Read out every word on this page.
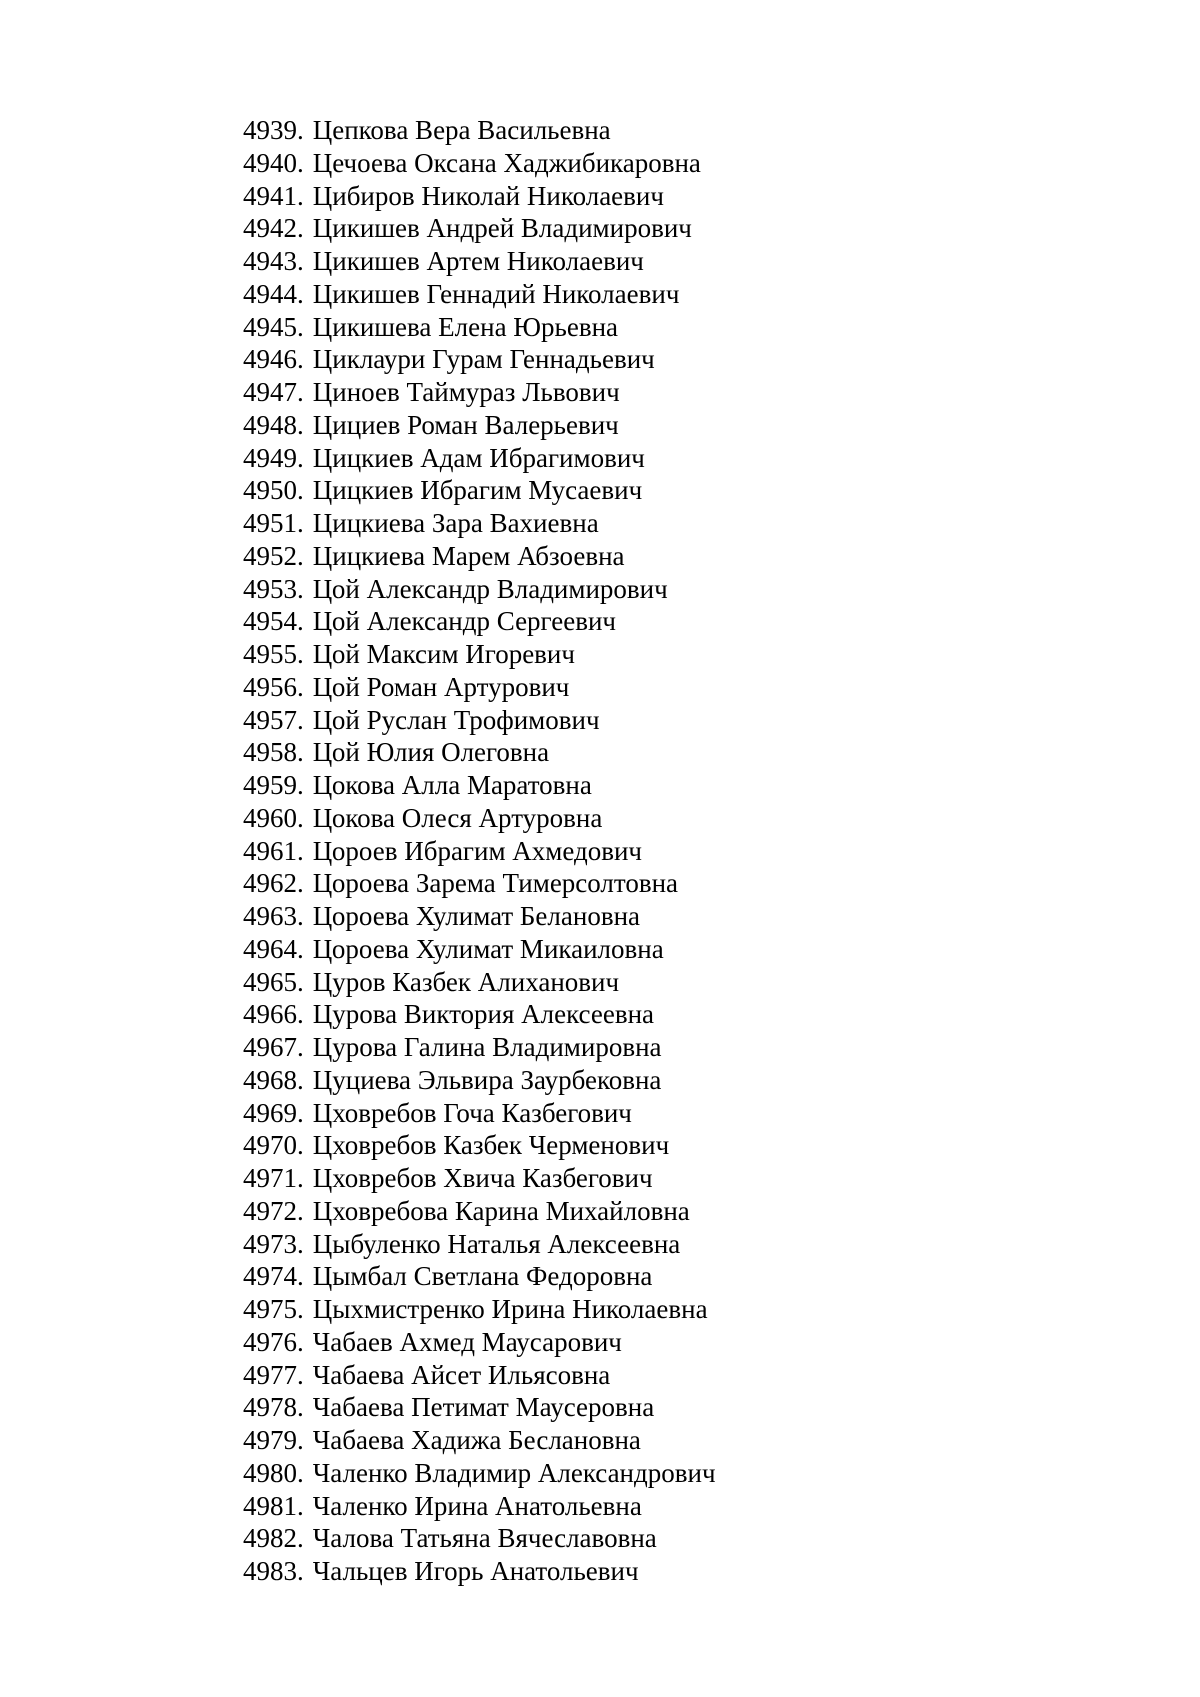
4939. Цепкова Вера Васильевна
4940. Цечоева Оксана Хаджибикаровна
4941. Цибиров Николай Николаевич
4942. Цикишев Андрей Владимирович
4943. Цикишев Артем Николаевич
4944. Цикишев Геннадий Николаевич
4945. Цикишева Елена Юрьевна
4946. Циклаури Гурам Геннадьевич
4947. Циноев Таймураз Львович
4948. Цициев Роман Валерьевич
4949. Цицкиев Адам Ибрагимович
4950. Цицкиев Ибрагим Мусаевич
4951. Цицкиева Зара Вахиевна
4952. Цицкиева Марем Абзоевна
4953. Цой Александр Владимирович
4954. Цой Александр Сергеевич
4955. Цой Максим Игоревич
4956. Цой Роман Артурович
4957. Цой Руслан Трофимович
4958. Цой Юлия Олеговна
4959. Цокова Алла Маратовна
4960. Цокова Олеся Артуровна
4961. Цороев Ибрагим Ахмедович
4962. Цороева Зарема Тимерсолтовна
4963. Цороева Хулимат Белановна
4964. Цороева Хулимат Микаиловна
4965. Цуров Казбек Алиханович
4966. Цурова Виктория Алексеевна
4967. Цурова Галина Владимировна
4968. Цуциева Эльвира Заурбековна
4969. Цховребов Гоча Казбегович
4970. Цховребов Казбек Черменович
4971. Цховребов Хвича Казбегович
4972. Цховребова Карина Михайловна
4973. Цыбуленко Наталья Алексеевна
4974. Цымбал Светлана Федоровна
4975. Цыхмистренко Ирина Николаевна
4976. Чабаев Ахмед Маусарович
4977. Чабаева Айсет Ильясовна
4978. Чабаева Петимат Маусеровна
4979. Чабаева Хадижа Беслановна
4980. Чаленко Владимир Александрович
4981. Чаленко Ирина Анатольевна
4982. Чалова Татьяна Вячеславовна
4983. Чальцев Игорь Анатольевич
